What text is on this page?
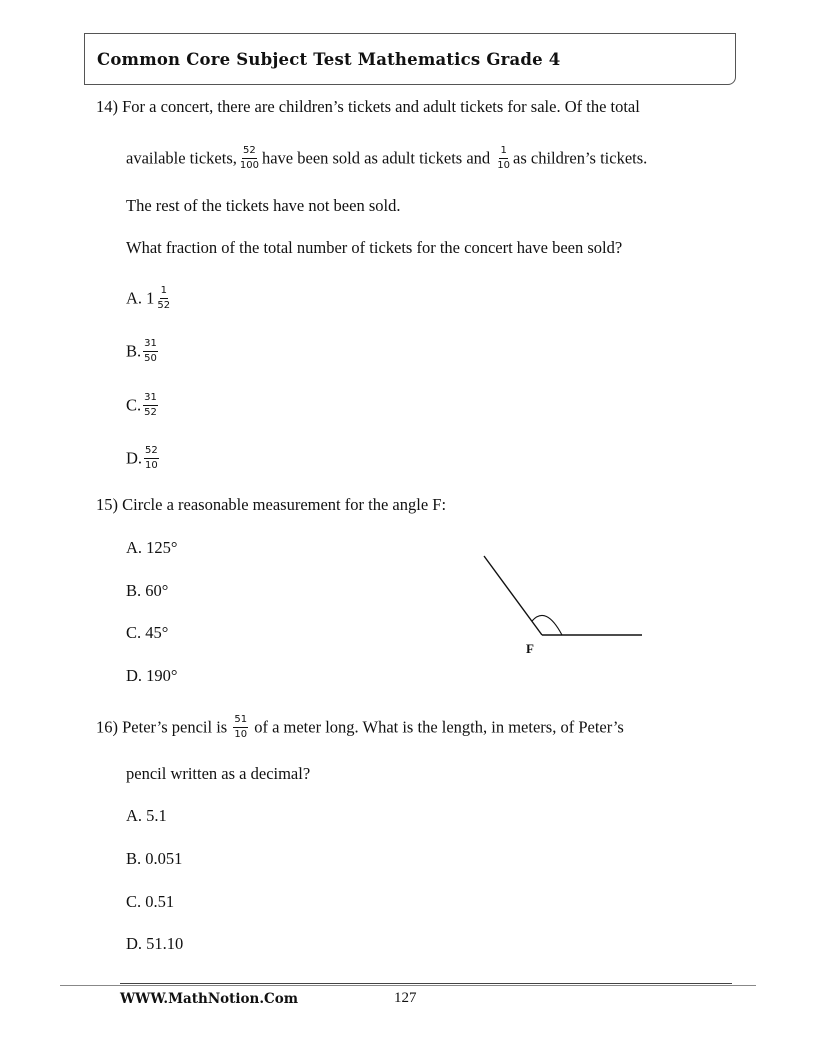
Common Core Subject Test Mathematics Grade 4
14) For a concert, there are children’s tickets and adult tickets for sale. Of the total
available tickets, $\frac{52}{100}$ have been sold as adult tickets and $\frac{1}{10}$ as children’s tickets.
The rest of the tickets have not been sold.
What fraction of the total number of tickets for the concert have been sold?
A. $1 \frac{1}{52}$
B. $\frac{31}{50}$
C. $\frac{31}{52}$
D. $\frac{52}{10}$
15) Circle a reasonable measurement for the angle F:
A. 125°
B. 60°
C. 45°
D. 190°
F
16) Peter’s pencil is $\frac{51}{10}$ of a meter long. What is the length, in meters, of Peter’s
pencil written as a decimal?
A. 5.1
B. 0.051
C. 0.51
D. 51.10
WWW.MathNotion.Com	127
